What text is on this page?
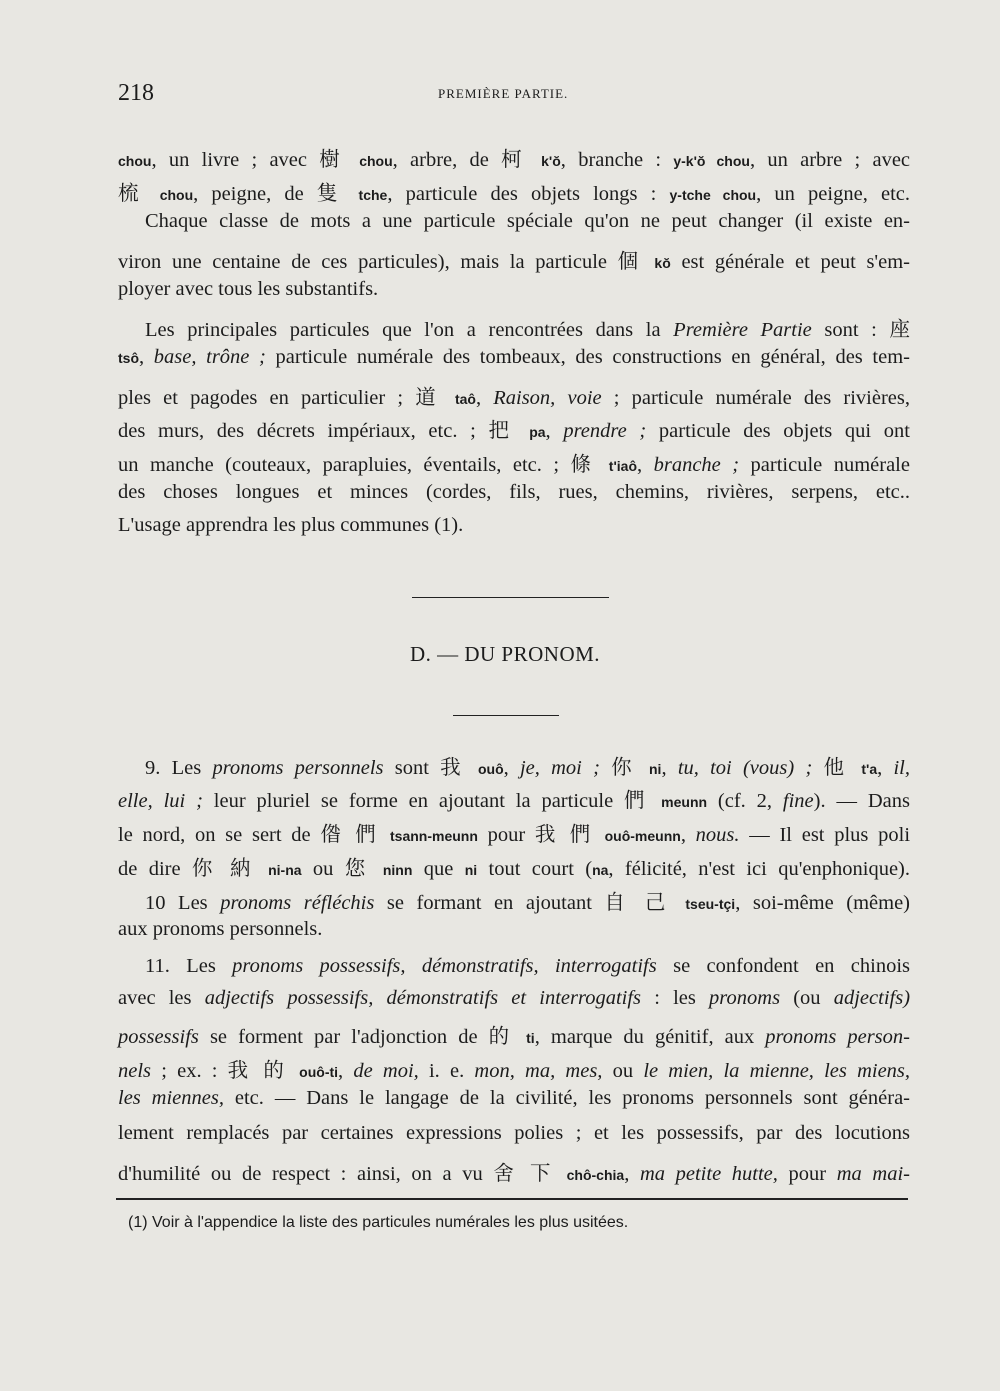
218	PREMIÈRE PARTIE.
chou, un livre ; avec 樹 chou, arbre, de 柯 k'ŏ, branche : y-k'ŏ chou, un arbre ; avec
梳 chou, peigne, de 隻 tche, particule des objets longs : y-tche chou, un peigne, etc.
Chaque classe de mots a une particule spéciale qu'on ne peut changer (il existe en-
viron une centaine de ces particules), mais la particule 個 kŏ est générale et peut s'em-
ployer avec tous les substantifs.
Les principales particules que l'on a rencontrées dans la Première Partie sont : 座
tsô, base, trône ; particule numérale des tombeaux, des constructions en général, des tem-
ples et pagodes en particulier ; 道 taô, Raison, voie ; particule numérale des rivières,
des murs, des décrets impériaux, etc. ; 把 pa, prendre ; particule des objets qui ont
un manche (couteaux, parapluies, éventails, etc. ; 條 t'iaô, branche ; particule numérale
des choses longues et minces (cordes, fils, rues, chemins, rivières, serpens, etc..
L'usage apprendra les plus communes (1).
D. — DU PRONOM.
9. Les pronoms personnels sont 我 ouô, je, moi ; 你 ni, tu, toi (vous) ; 他 t'a, il,
elle, lui ; leur pluriel se forme en ajoutant la particule 們 meunn (cf. 2, fine). — Dans
le nord, on se sert de 偺 們 tsann-meunn pour 我 們 ouô-meunn, nous. — Il est plus poli
de dire 你 納 ni-na ou 您 ninn que ni tout court (na, félicité, n'est ici qu'enphonique).
10 Les pronoms réfléchis se formant en ajoutant 自 己 tseu-tçi, soi-même (même)
aux pronoms personnels.
11. Les pronoms possessifs, démonstratifs, interrogatifs se confondent en chinois
avec les adjectifs possessifs, démonstratifs et interrogatifs : les pronoms (ou adjectifs)
possessifs se forment par l'adjonction de 的 ti, marque du génitif, aux pronoms person-
nels ; ex. : 我 的 ouô-ti, de moi, i. e. mon, ma, mes, ou le mien, la mienne, les miens,
les miennes, etc. — Dans le langage de la civilité, les pronoms personnels sont généra-
lement remplacés par certaines expressions polies ; et les possessifs, par des locutions
d'humilité ou de respect : ainsi, on a vu 舍 下 chô-chia, ma petite hutte, pour ma mai-
(1) Voir à l'appendice la liste des particules numérales les plus usitées.
